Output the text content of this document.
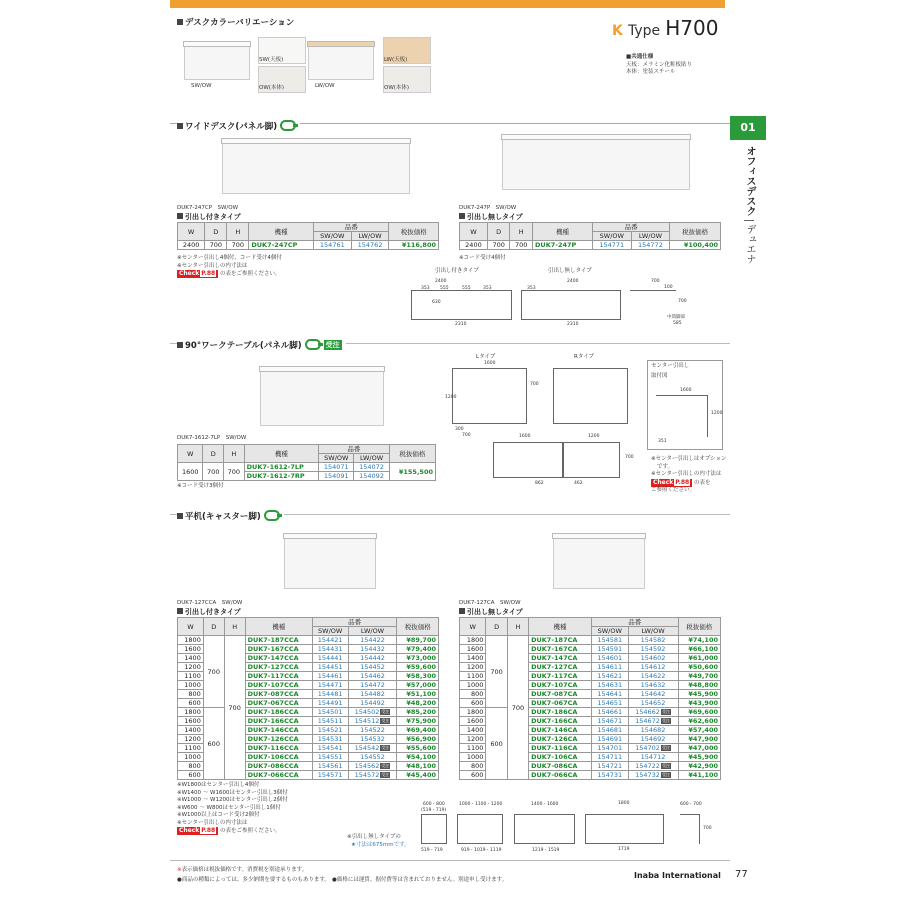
デスクカラーバリエーション
SW/OW
SW(天板)
OW(本体)	LW/OW
LW(天板)
OW(本体)
K Type H700
■共通仕様
天板：メラミン化粧板貼り
本体：塗装スチール
01
オフィスデスク
デュエナ
ワイドデスク(パネル脚)
DUK7-247CP　SW/OW
引出し付きタイプ
W	D	H	機種	品番		税抜価格
				SW/OW	LW/OW	
2400	700	700	DUK7-247CP	154761	154762	¥116,800
※センター引出し4個付、コード受け4個付
※センター引出しの内寸法は
Check P.88 の表をご参照ください。
DUK7-247P　SW/OW
引出し無しタイプ
W	D	H	機種	品番		税抜価格
				SW/OW	LW/OW	
2400	700	700	DUK7-247P	154771	154772	¥100,400
※コード受け4個付
引出し付きタイプ	引出し無しタイプ
2400
353 555	555	353
630
2310
2400
353
2310
700
100
700
中間脚部
585
90°ワークテーブル(パネル脚)	受注
DUK7-1612-7LP　SW/OW
W	D	H	機種	品番		税抜価格
				SW/OW	LW/OW	
1600	700	700	DUK7-1612-7LP	154071	154072	¥155,500
			DUK7-1612-7RP	154091	154092	
※コード受け3個付
Lタイプ	Rタイプ
1600
700
1200
300
700	1600	1200
862	462
700
センター引出し
取付図
1600
1200
351
※センター引出しはオプション
です。
※センター引出しの内寸法は
Check P.88 の表を
ご参照ください。
平机(キャスター脚)
DUK7-127CCA　SW/OW
引出し付きタイプ
W	D	H	機種	品番		税抜価格
				SW/OW	LW/OW	
1800	700	700	DUK7-187CCA	154421	154422	¥89,700
1600			DUK7-167CCA	154431	154432	¥79,400
1400			DUK7-147CCA	154441	154442	¥73,000
1200			DUK7-127CCA	154451	154452	¥59,600
1100			DUK7-117CCA	154461	154462	¥58,300
1000			DUK7-107CCA	154471	154472	¥57,000
800			DUK7-087CCA	154481	154482	¥51,100
600			DUK7-067CCA	154491	154492	¥48,200
1800	600		DUK7-186CCA	154501	154502 受注	¥85,200
1600			DUK7-166CCA	154511	154512 受注	¥75,900
1400			DUK7-146CCA	154521	154522	¥69,400
1200			DUK7-126CCA	154531	154532	¥56,900
1100			DUK7-116CCA	154541	154542 受注	¥55,600
1000			DUK7-106CCA	154551	154552	¥54,100
800			DUK7-086CCA	154561	154562 受注	¥48,100
600			DUK7-066CCA	154571	154572 受注	¥45,400
DUK7-127CA　SW/OW
引出し無しタイプ
W	D	H	機種	品番		税抜価格
				SW/OW	LW/OW	
1800	700	700	DUK7-187CA	154581	154582	¥74,100
1600			DUK7-167CA	154591	154592	¥66,100
1400			DUK7-147CA	154601	154602	¥61,000
1200			DUK7-127CA	154611	154612	¥50,600
1100			DUK7-117CA	154621	154622	¥49,700
1000			DUK7-107CA	154631	154632	¥48,800
800			DUK7-087CA	154641	154642	¥45,900
600			DUK7-067CA	154651	154652	¥43,900
1800	600		DUK7-186CA	154661	154662 受注	¥69,600
1600			DUK7-166CA	154671	154672 受注	¥62,600
1400			DUK7-146CA	154681	154682	¥57,400
1200			DUK7-126CA	154691	154692	¥47,900
1100			DUK7-116CA	154701	154702 受注	¥47,000
1000			DUK7-106CA	154711	154712	¥45,900
800			DUK7-086CA	154721	154722 受注	¥42,900
600			DUK7-066CA	154731	154732 受注	¥41,100
※W1800はセンター引出し4個付
※W1400 〜 W1600はセンター引出し3個付
※W1000 〜 W1200はセンター引出し2個付
※W600 〜 W800はセンター引出し1個付
※W1000以上はコード受け2個付
※センター引出しの内寸法は
Check P.88 の表をご参照ください。
※引出し無しタイプの
★寸法は675mmです。
600・800
(519・719)
1000・1100・1200	1400・1600	1800	600・700
700
519・719	919・1019・1119	1219・1519	1719
※表示価格は税抜価格です。消費税を別途承ります。
●商品の種類によっては、多少納期を要するものもあります。 ●価格には運賃、据付費等は含まれておりません。別途申し受けます。	Inaba International 77
